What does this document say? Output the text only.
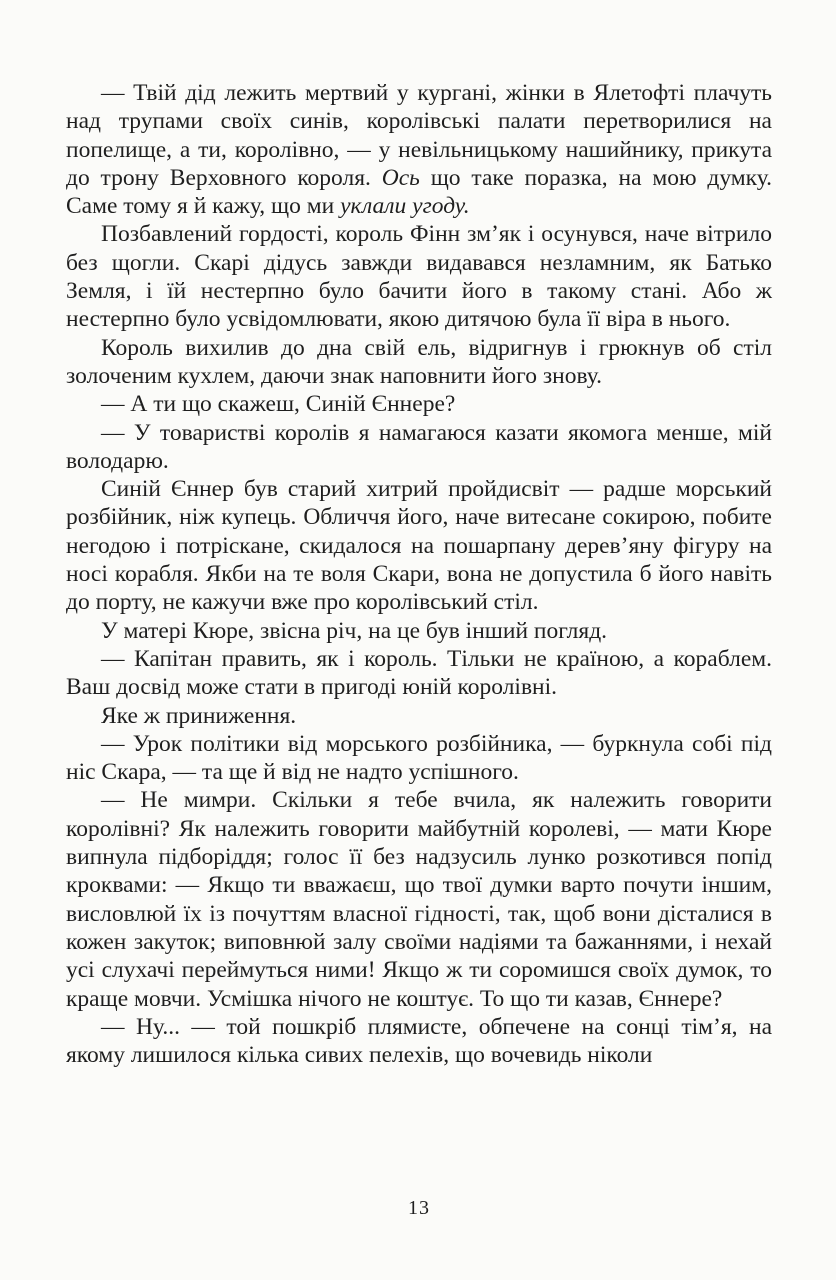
— Твій дід лежить мертвий у кургані, жінки в Ялетофті плачуть над трупами своїх синів, королівські палати перетворилися на попелище, а ти, королівно, — у невільницькому нашийнику, прикута до трону Верховного короля. Ось що таке поразка, на мою думку. Саме тому я й кажу, що ми уклали угоду.

Позбавлений гордості, король Фінн зм’як і осунувся, наче вітрило без щогли. Скарі дідусь завжди видавався незламним, як Батько Земля, і їй нестерпно було бачити його в такому стані. Або ж нестерпно було усвідомлювати, якою дитячою була її віра в нього.

Король вихилив до дна свій ель, відригнув і грюкнув об стіл золоченим кухлем, даючи знак наповнити його знову.

— А ти що скажеш, Синій Єннере?

— У товаристві королів я намагаюся казати якомога менше, мій володарю.

Синій Єннер був старий хитрий пройдисвіт — радше морський розбійник, ніж купець. Обличчя його, наче витесане сокирою, побите негодою і потріскане, скидалося на пошарпану дерев’яну фігуру на носі корабля. Якби на те воля Скари, вона не допустила б його навіть до порту, не кажучи вже про королівський стіл.

У матері Кюре, звісна річ, на це був інший погляд.

— Капітан править, як і король. Тільки не країною, а кораблем. Ваш досвід може стати в пригоді юній королівні.

Яке ж приниження.

— Урок політики від морського розбійника, — буркнула собі під ніс Скара, — та ще й від не надто успішного.

— Не мимри. Скільки я тебе вчила, як належить говорити королівні? Як належить говорити майбутній королеві, — мати Кюре випнула підборіддя; голос її без надзусиль лунко розкотився попід кроквами: — Якщо ти вважаєш, що твої думки варто почути іншим, висловлюй їх із почуттям власної гідності, так, щоб вони дісталися в кожен закуток; виповнюй залу своїми надіями та бажаннями, і нехай усі слухачі переймуться ними! Якщо ж ти соромишся своїх думок, то краще мовчи. Усмішка нічого не коштує. То що ти казав, Єннере?

— Ну... — той пошкріб плямисте, обпечене на сонці тім’я, на якому лишилося кілька сивих пелехів, що вочевидь ніколи

13
